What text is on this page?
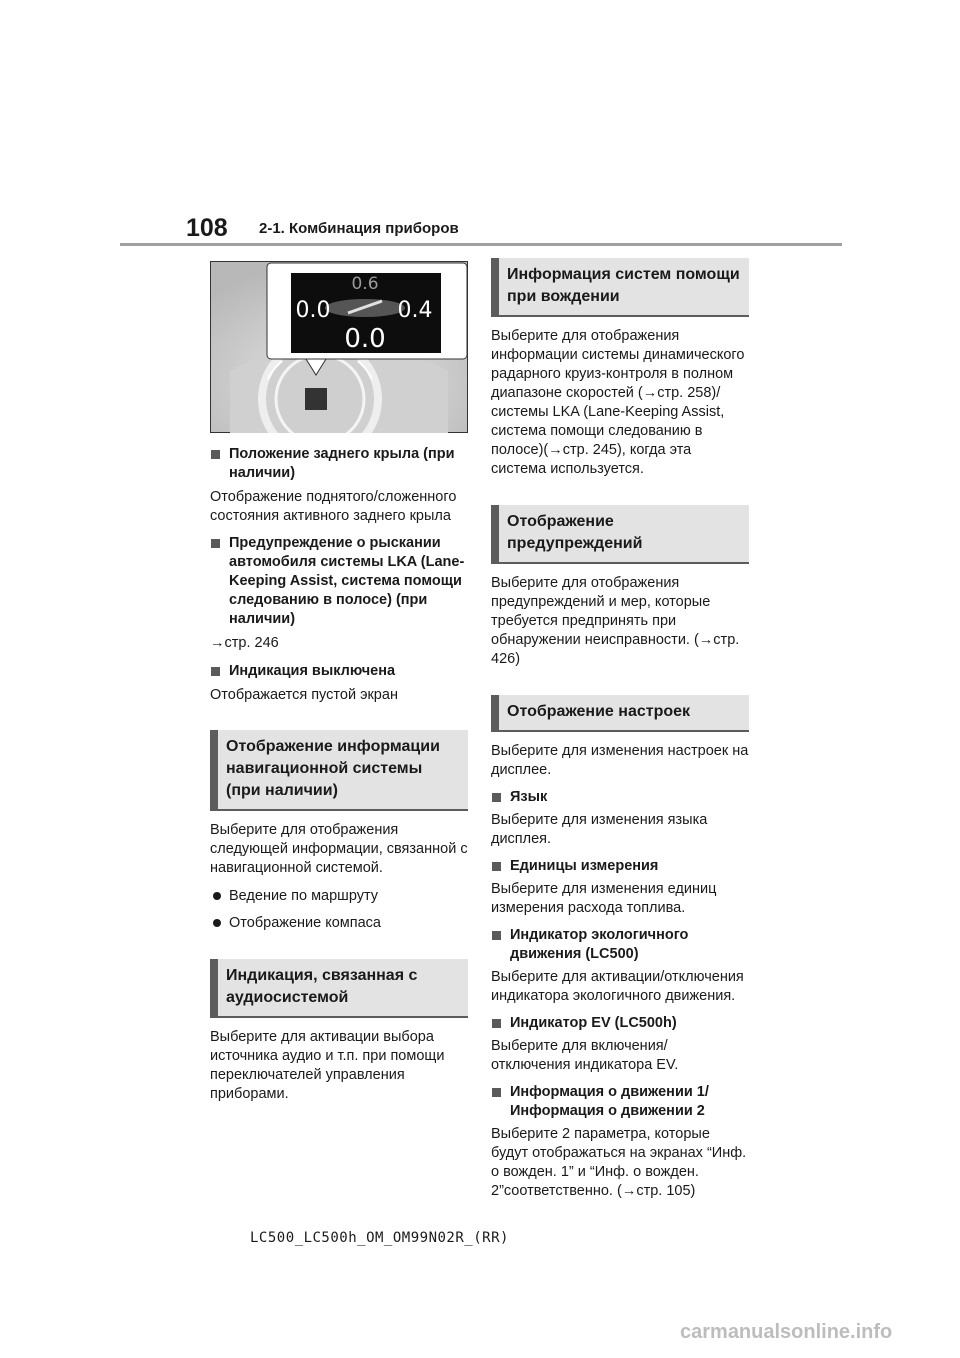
108 2-1. Комбинация приборов
0.6
0.0	0.4
0.0

Положение заднего крыла (при наличии)

Отображение поднятого/сложенного состояния активного заднего крыла

Предупреждение о рыскании автомобиля системы LKA (Lane-Keeping Assist, система помощи следованию в полосе) (при наличии)

→стр. 246

Индикация выключена

Отображается пустой экран

Отображение информации навигационной системы (при наличии)

Выберите для отображения следующей информации, связанной с навигационной системой.

Ведение по маршруту

Отображение компаса

Индикация, связанная с аудиосистемой

Выберите для активации выбора источника аудио и т.п. при помощи переключателей управления приборами.

Информация систем помощи при вождении

Выберите для отображения информации системы динамического радарного круиз-контроля в полном диапазоне скоростей (→стр. 258)/ системы LKA (Lane-Keeping Assist, система помощи следованию в полосе)(→стр. 245), когда эта система используется.

Отображение предупреждений

Выберите для отображения предупреждений и мер, которые требуется предпринять при обнаружении неисправности. (→стр. 426)

Отображение настроек

Выберите для изменения настроек на дисплее.

Язык

Выберите для изменения языка дисплея.

Единицы измерения

Выберите для изменения единиц измерения расхода топлива.

Индикатор экологичного движения (LC500)

Выберите для активации/отключения индикатора экологичного движения.

Индикатор EV (LC500h)

Выберите для включения/ отключения индикатора EV.

Информация о движении 1/ Информация о движении 2

Выберите 2 параметра, которые будут отображаться на экранах “Инф. о вожден. 1” и “Инф. о вожден. 2”соответственно. (→стр. 105)

LC500_LC500h_OM_OM99N02R_(RR)
carmanualsonline.info
